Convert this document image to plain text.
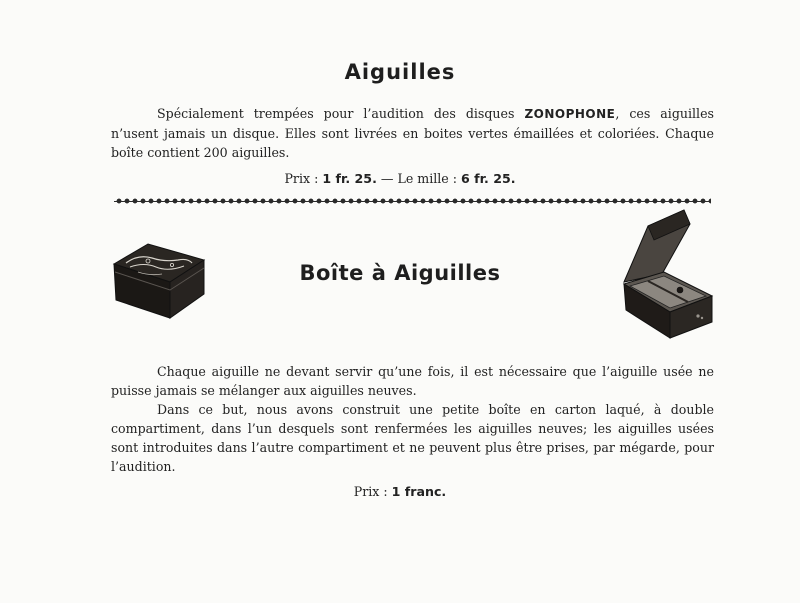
Aiguilles
Spécialement trempées pour l’audition des disques ZONOPHONE, ces aiguilles n’usent jamais un disque. Elles sont livrées en boites vertes émaillées et coloriées. Chaque boîte contient 200 aiguilles.
Prix : 1 fr. 25. — Le mille : 6 fr. 25.
Boîte à Aiguilles
Chaque aiguille ne devant servir qu’une fois, il est nécessaire que l’aiguille usée ne puisse jamais se mélanger aux aiguilles neuves.
Dans ce but, nous avons construit une petite boîte en carton laqué, à double compartiment, dans l’un desquels sont renfermées les aiguilles neuves; les aiguilles usées sont introduites dans l’autre compartiment et ne peuvent plus être prises, par mégarde, pour l’audition.
Prix : 1 franc.
